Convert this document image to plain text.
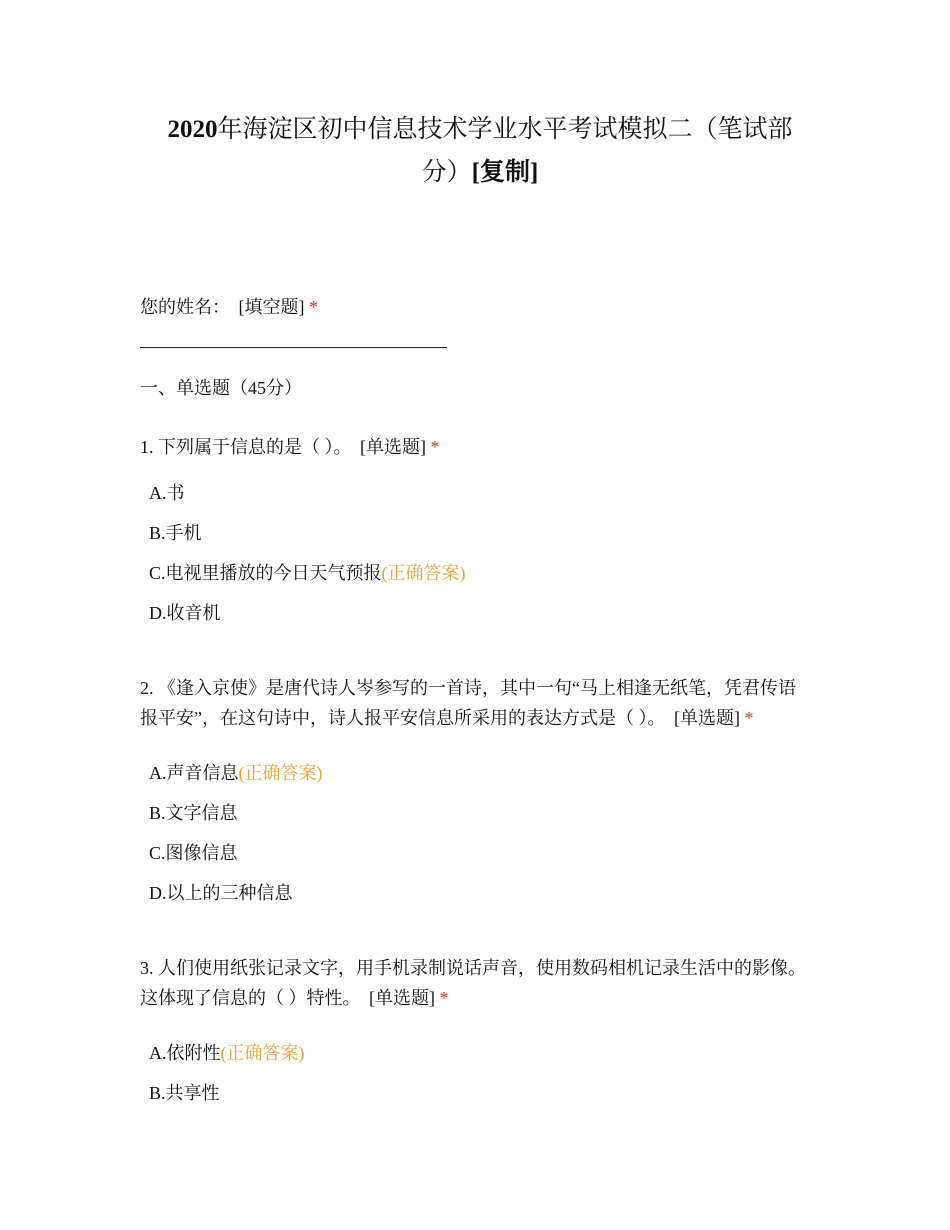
2020年海淀区初中信息技术学业水平考试模拟二（笔试部分）[复制]
您的姓名： [填空题] *
一、单选题（45分）
1. 下列属于信息的是（ ）。 [单选题] *
A.书
B.手机
C.电视里播放的今日天气预报(正确答案)
D.收音机
2. 《逢入京使》是唐代诗人岑参写的一首诗，其中一句“马上相逢无纸笔，凭君传语报平安”，在这句诗中，诗人报平安信息所采用的表达方式是（ ）。 [单选题] *
A.声音信息(正确答案)
B.文字信息
C.图像信息
D.以上的三种信息
3. 人们使用纸张记录文字，用手机录制说话声音，使用数码相机记录生活中的影像。这体现了信息的（ ）特性。 [单选题] *
A.依附性(正确答案)
B.共享性
